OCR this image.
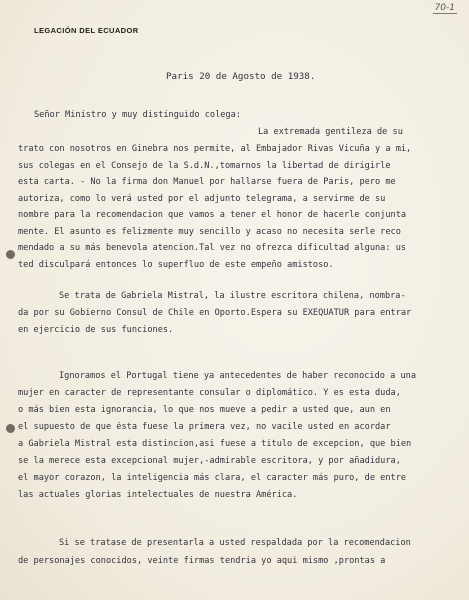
70-1
LEGACIÓN DEL ECUADOR
Paris 20 de Agosto de 1938.
Señor Ministro y muy distinguido colega:
La extremada gentileza de su
trato con nosotros en Ginebra nos permite, al Embajador Rivas Vicuña y a mi,
sus colegas en el Consejo de la S.d.N.,tomarnos la libertad de dirigirle
esta carta. - No la firma don Manuel por hallarse fuera de Paris, pero me
autoriza, como lo verá usted por el adjunto telegrama, a servirme de su
nombre para la recomendacion que vamos a tener el honor de hacerle conjunta
mente. El asunto es felizmente muy sencillo y acaso no necesita serle reco
mendado a su más benevola atencion.Tal vez no ofrezca dificultad alguna: us
ted disculpará entonces lo superfluo de este empeño amistoso.
Se trata de Gabriela Mistral, la ilustre escritora chilena, nombra-
da por su Gobierno Consul de Chile en Oporto.Espera su EXEQUATUR para entrar
en ejercicio de sus funciones.
Ignoramos el Portugal tiene ya antecedentes de haber reconocido a una
mujer en caracter de representante consular o diplomático. Y es esta duda,
o más bien esta ignorancia, lo que nos mueve a pedir a usted que, aun en
el supuesto de que ésta fuese la primera vez, no vacile usted en acordar
a Gabriela Mistral esta distincion,asi fuese a titulo de excepcion, que bien
se la merece esta excepcional mujer,-admirable escritora, y por añadidura,
el mayor corazon, la inteligencia más clara, el caracter más puro, de entre
las actuales glorias intelectuales de nuestra América.
Si se tratase de presentarla a usted respaldada por la recomendacion
de personajes conocidos, veinte firmas tendria yo aqui mismo ,prontas a
